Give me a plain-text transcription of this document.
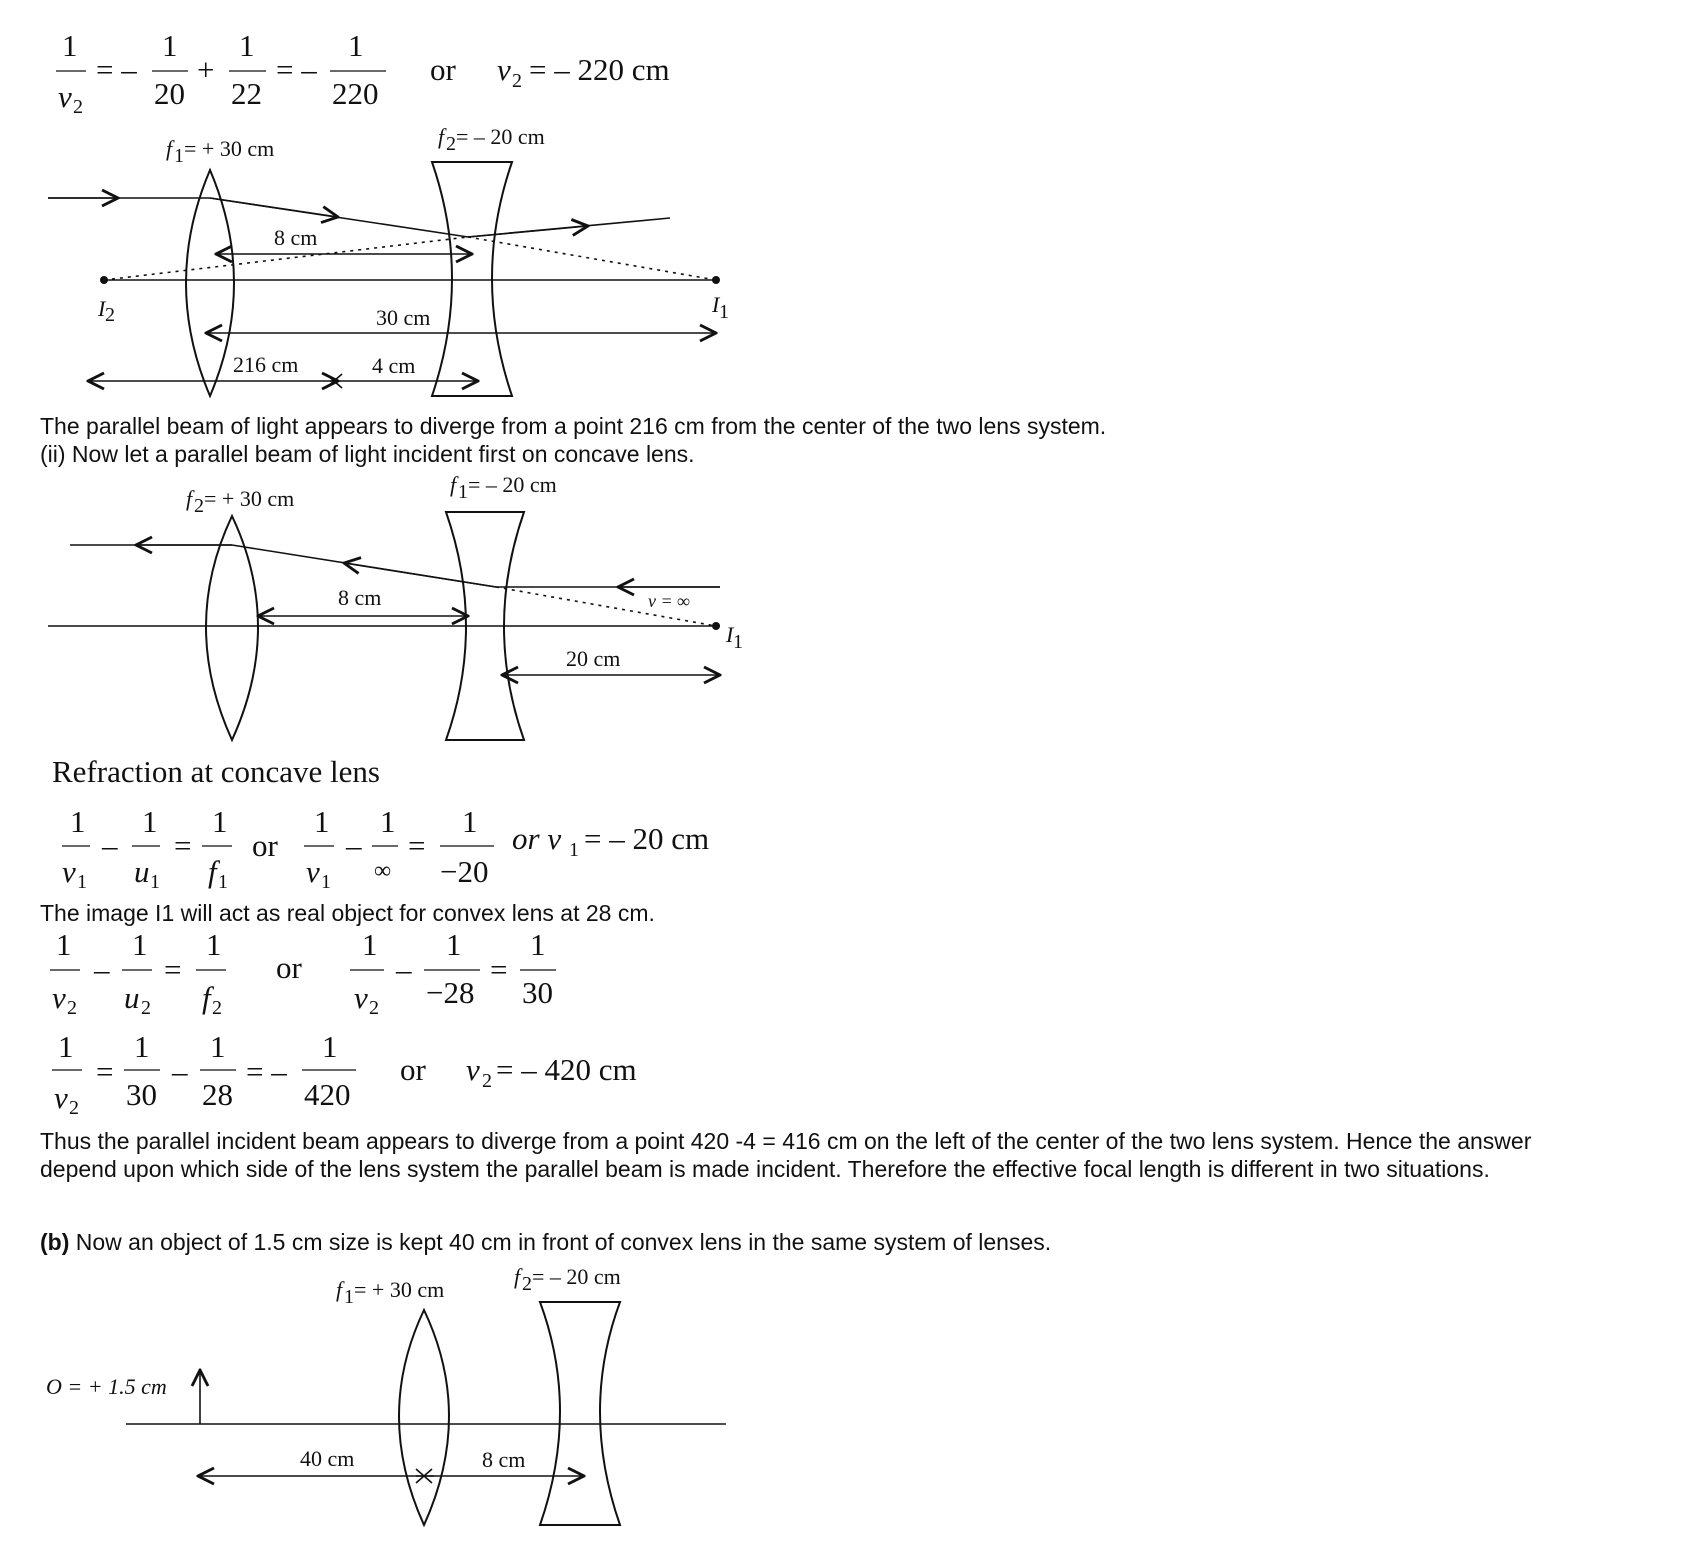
1
v 2
= –
1
20
+
1
22
= –
1
220
or v 2 = – 220 cm
f 1 = + 30 cm	f 2 = – 20 cm
8 cm
30 cm
216 cm	4 cm
I 2	I 1
f 2 = + 30 cm
f 1 = – 20 cm
8 cm
20 cm
v = ∞
I 1
1
v 1
–
1
u 1
=
1
f 1
or
1
v 1
–
1
∞
=
1
−20
or v 1 = – 20 cm
1
v 2
–
1
u 2
=
1
f 2
or
1
v 2
–
1
−28
=
1
30
1
v 2
=
1
30
–
1
28
= –
1
420
or v 2 = – 420 cm
f 1 = + 30 cm
f 2 = – 20 cm
O = + 1.5 cm
40 cm	8 cm
The parallel beam of light appears to diverge from a point 216 cm from the center of the two lens system.
(ii) Now let a parallel beam of light incident first on concave lens.
Refraction at concave lens
The image I1 will act as real object for convex lens at 28 cm.
Thus the parallel incident beam appears to diverge from a point 420 -4 = 416 cm on the left of the center of the two lens system. Hence the answer
depend upon which side of the lens system the parallel beam is made incident. Therefore the effective focal length is different in two situations.
(b) Now an object of 1.5 cm size is kept 40 cm in front of convex lens in the same system of lenses.
